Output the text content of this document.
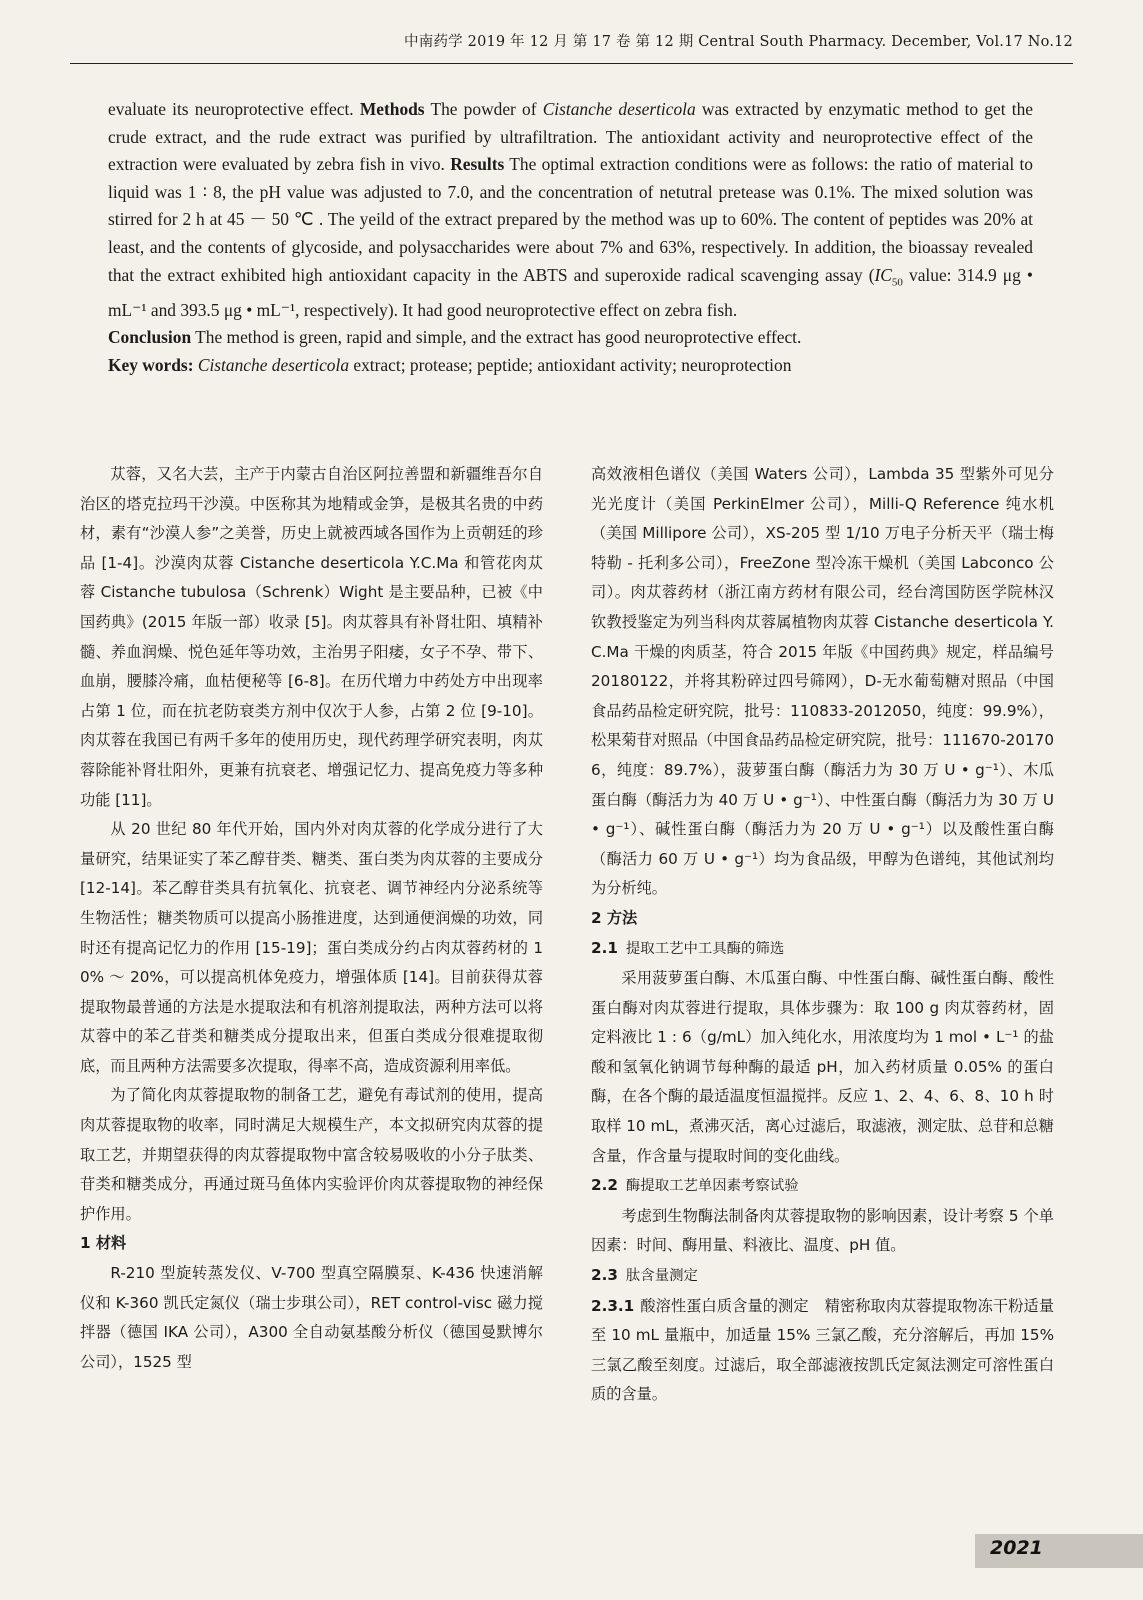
中南药学 2019 年 12 月 第 17 卷 第 12 期 Central South Pharmacy. December, Vol.17 No.12

evaluate its neuroprotective effect. Methods The powder of Cistanche deserticola was extracted by enzymatic method to get the crude extract, and the rude extract was purified by ultrafiltration. The antioxidant activity and neuroprotective effect of the extraction were evaluated by zebra fish in vivo. Results The optimal extraction conditions were as follows: the ratio of material to liquid was 1 ∶ 8, the pH value was adjusted to 7.0, and the concentration of netutral pretease was 0.1%. The mixed solution was stirred for 2 h at 45 － 50 ℃ . The yeild of the extract prepared by the method was up to 60%. The content of peptides was 20% at least, and the contents of glycoside, and polysaccharides were about 7% and 63%, respectively. In addition, the bioassay revealed that the extract exhibited high antioxidant capacity in the ABTS and superoxide radical scavenging assay ($IC_{50}$ value: 314.9 μg • mL⁻¹ and 393.5 μg • mL⁻¹, respectively). It had good neuroprotective effect on zebra fish.

Conclusion The method is green, rapid and simple, and the extract has good neuroprotective effect.

Key words: Cistanche deserticola extract; protease; peptide; antioxidant activity; neuroprotection

苁蓉，又名大芸，主产于内蒙古自治区阿拉善盟和新疆维吾尔自治区的塔克拉玛干沙漠。中医称其为地精或金笋，是极其名贵的中药材，素有“沙漠人参”之美誉，历史上就被西域各国作为上贡朝廷的珍品 [1-4]。沙漠肉苁蓉 Cistanche deserticola Y.C.Ma 和管花肉苁蓉 Cistanche tubulosa（Schrenk）Wight 是主要品种，已被《中国药典》(2015 年版一部）收录 [5]。肉苁蓉具有补肾壮阳、填精补髓、养血润燥、悦色延年等功效，主治男子阳痿，女子不孕、带下、血崩，腰膝冷痛，血枯便秘等 [6-8]。在历代增力中药处方中出现率占第 1 位，而在抗老防衰类方剂中仅次于人参，占第 2 位 [9-10]。肉苁蓉在我国已有两千多年的使用历史，现代药理学研究表明，肉苁蓉除能补肾壮阳外，更兼有抗衰老、增强记忆力、提高免疫力等多种功能 [11]。

从 20 世纪 80 年代开始，国内外对肉苁蓉的化学成分进行了大量研究，结果证实了苯乙醇苷类、糖类、蛋白类为肉苁蓉的主要成分 [12-14]。苯乙醇苷类具有抗氧化、抗衰老、调节神经内分泌系统等生物活性；糖类物质可以提高小肠推进度，达到通便润燥的功效，同时还有提高记忆力的作用 [15-19]；蛋白类成分约占肉苁蓉药材的 10% ～ 20%，可以提高机体免疫力，增强体质 [14]。目前获得苁蓉提取物最普通的方法是水提取法和有机溶剂提取法，两种方法可以将苁蓉中的苯乙苷类和糖类成分提取出来，但蛋白类成分很难提取彻底，而且两种方法需要多次提取，得率不高，造成资源利用率低。

为了简化肉苁蓉提取物的制备工艺，避免有毒试剂的使用，提高肉苁蓉提取物的收率，同时满足大规模生产，本文拟研究肉苁蓉的提取工艺，并期望获得的肉苁蓉提取物中富含较易吸收的小分子肽类、苷类和糖类成分，再通过斑马鱼体内实验评价肉苁蓉提取物的神经保护作用。

1 材料

R-210 型旋转蒸发仪、V-700 型真空隔膜泵、K-436 快速消解仪和 K-360 凯氏定氮仪（瑞士步琪公司），RET control-visc 磁力搅拌器（德国 IKA 公司），A300 全自动氨基酸分析仪（德国曼默博尔公司），1525 型

高效液相色谱仪（美国 Waters 公司），Lambda 35 型紫外可见分光光度计（美国 PerkinElmer 公司），Milli-Q Reference 纯水机（美国 Millipore 公司），XS-205 型 1/10 万电子分析天平（瑞士梅特勒 - 托利多公司），FreeZone 型冷冻干燥机（美国 Labconco 公司）。肉苁蓉药材（浙江南方药材有限公司，经台湾国防医学院林汉钦教授鉴定为列当科肉苁蓉属植物肉苁蓉 Cistanche deserticola Y.C.Ma 干燥的肉质茎，符合 2015 年版《中国药典》规定，样品编号 20180122，并将其粉碎过四号筛网），D-无水葡萄糖对照品（中国食品药品检定研究院，批号：110833-2012050，纯度：99.9%），松果菊苷对照品（中国食品药品检定研究院，批号：111670-201706，纯度：89.7%），菠萝蛋白酶（酶活力为 30 万 U • g⁻¹）、木瓜蛋白酶（酶活力为 40 万 U • g⁻¹）、中性蛋白酶（酶活力为 30 万 U • g⁻¹）、碱性蛋白酶（酶活力为 20 万 U • g⁻¹）以及酸性蛋白酶（酶活力 60 万 U • g⁻¹）均为食品级，甲醇为色谱纯，其他试剂均为分析纯。

2 方法

2.1 提取工艺中工具酶的筛选

采用菠萝蛋白酶、木瓜蛋白酶、中性蛋白酶、碱性蛋白酶、酸性蛋白酶对肉苁蓉进行提取，具体步骤为：取 100 g 肉苁蓉药材，固定料液比 1 : 6（g/mL）加入纯化水，用浓度均为 1 mol • L⁻¹ 的盐酸和氢氧化钠调节每种酶的最适 pH，加入药材质量 0.05% 的蛋白酶，在各个酶的最适温度恒温搅拌。反应 1、2、4、6、8、10 h 时取样 10 mL，煮沸灭活，离心过滤后，取滤液，测定肽、总苷和总糖含量，作含量与提取时间的变化曲线。

2.2 酶提取工艺单因素考察试验

考虑到生物酶法制备肉苁蓉提取物的影响因素，设计考察 5 个单因素：时间、酶用量、料液比、温度、pH 值。

2.3 肽含量测定

2.3.1 酸溶性蛋白质含量的测定 精密称取肉苁蓉提取物冻干粉适量至 10 mL 量瓶中，加适量 15% 三氯乙酸，充分溶解后，再加 15% 三氯乙酸至刻度。过滤后，取全部滤液按凯氏定氮法测定可溶性蛋白质的含量。

2021
